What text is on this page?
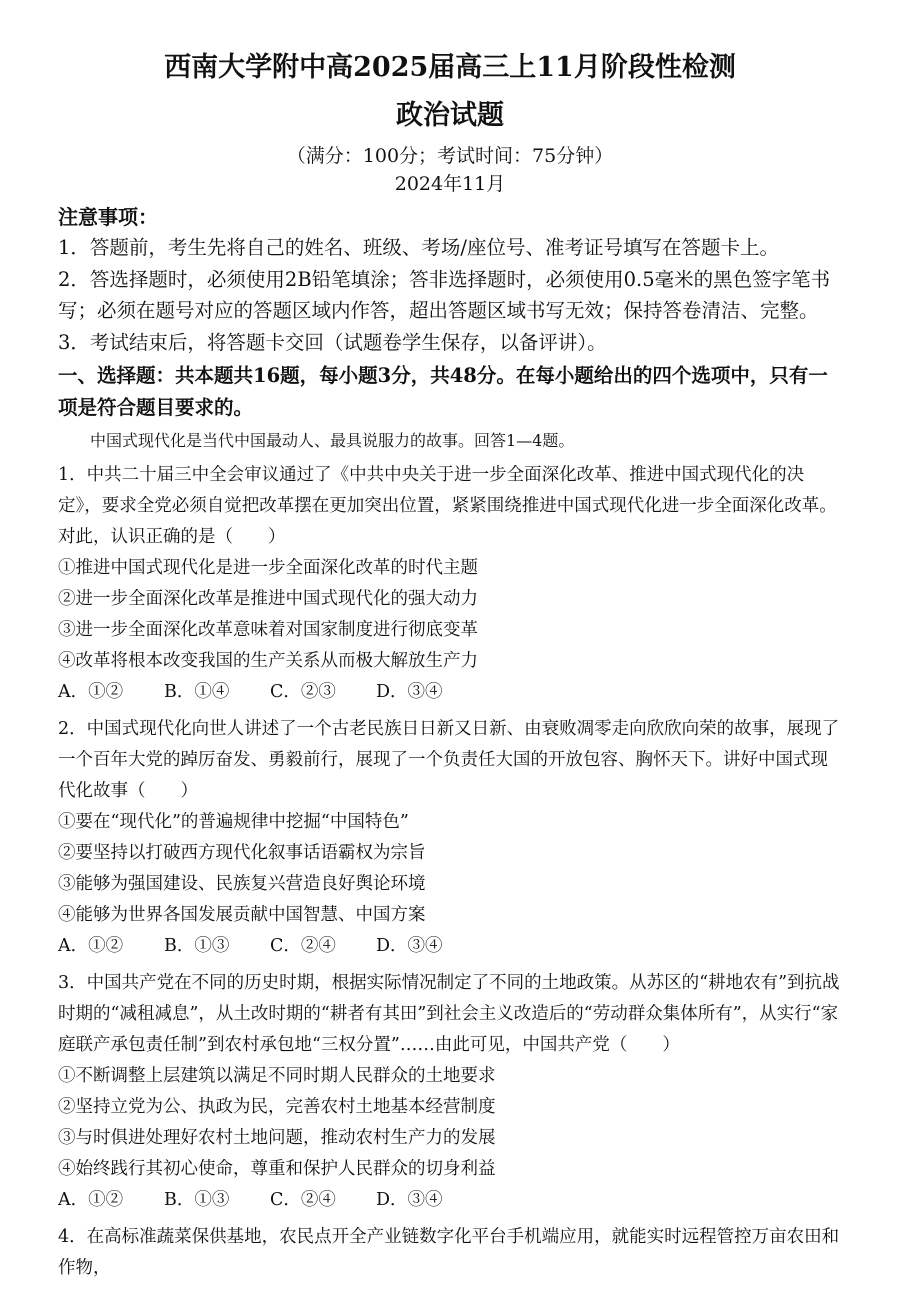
西南大学附中高2025届高三上11月阶段性检测
政治试题
（满分：100分；考试时间：75分钟）
2024年11月
注意事项：
1．答题前，考生先将自己的姓名、班级、考场/座位号、准考证号填写在答题卡上。
2．答选择题时，必须使用2B铅笔填涂；答非选择题时，必须使用0.5毫米的黑色签字笔书写；必须在题号对应的答题区域内作答，超出答题区域书写无效；保持答卷清洁、完整。
3．考试结束后，将答题卡交回（试题卷学生保存，以备评讲）。
一、选择题：共本题共16题，每小题3分，共48分。在每小题给出的四个选项中，只有一项是符合题目要求的。
中国式现代化是当代中国最动人、最具说服力的故事。回答1—4题。
1．中共二十届三中全会审议通过了《中共中央关于进一步全面深化改革、推进中国式现代化的决定》，要求全党必须自觉把改革摆在更加突出位置，紧紧围绕推进中国式现代化进一步全面深化改革。对此，认识正确的是（　　）
①推进中国式现代化是进一步全面深化改革的时代主题
②进一步全面深化改革是推进中国式现代化的强大动力
③进一步全面深化改革意味着对国家制度进行彻底变革
④改革将根本改变我国的生产关系从而极大解放生产力
A．①②	B．①④	C．②③	D．③④
2．中国式现代化向世人讲述了一个古老民族日日新又日新、由衰败凋零走向欣欣向荣的故事，展现了一个百年大党的踔厉奋发、勇毅前行，展现了一个负责任大国的开放包容、胸怀天下。讲好中国式现代化故事（　　）
①要在“现代化”的普遍规律中挖掘“中国特色”
②要坚持以打破西方现代化叙事话语霸权为宗旨
③能够为强国建设、民族复兴营造良好舆论环境
④能够为世界各国发展贡献中国智慧、中国方案
A．①②	B．①③	C．②④	D．③④
3．中国共产党在不同的历史时期，根据实际情况制定了不同的土地政策。从苏区的“耕地农有”到抗战时期的“减租减息”，从土改时期的“耕者有其田”到社会主义改造后的“劳动群众集体所有”，从实行“家庭联产承包责任制”到农村承包地“三权分置”……由此可见，中国共产党（　　）
①不断调整上层建筑以满足不同时期人民群众的土地要求
②坚持立党为公、执政为民，完善农村土地基本经营制度
③与时俱进处理好农村土地问题，推动农村生产力的发展
④始终践行其初心使命，尊重和保护人民群众的切身利益
A．①②	B．①③	C．②④	D．③④
4．在高标准蔬菜保供基地，农民点开全产业链数字化平台手机端应用，就能实时远程管控万亩农田和作物，
